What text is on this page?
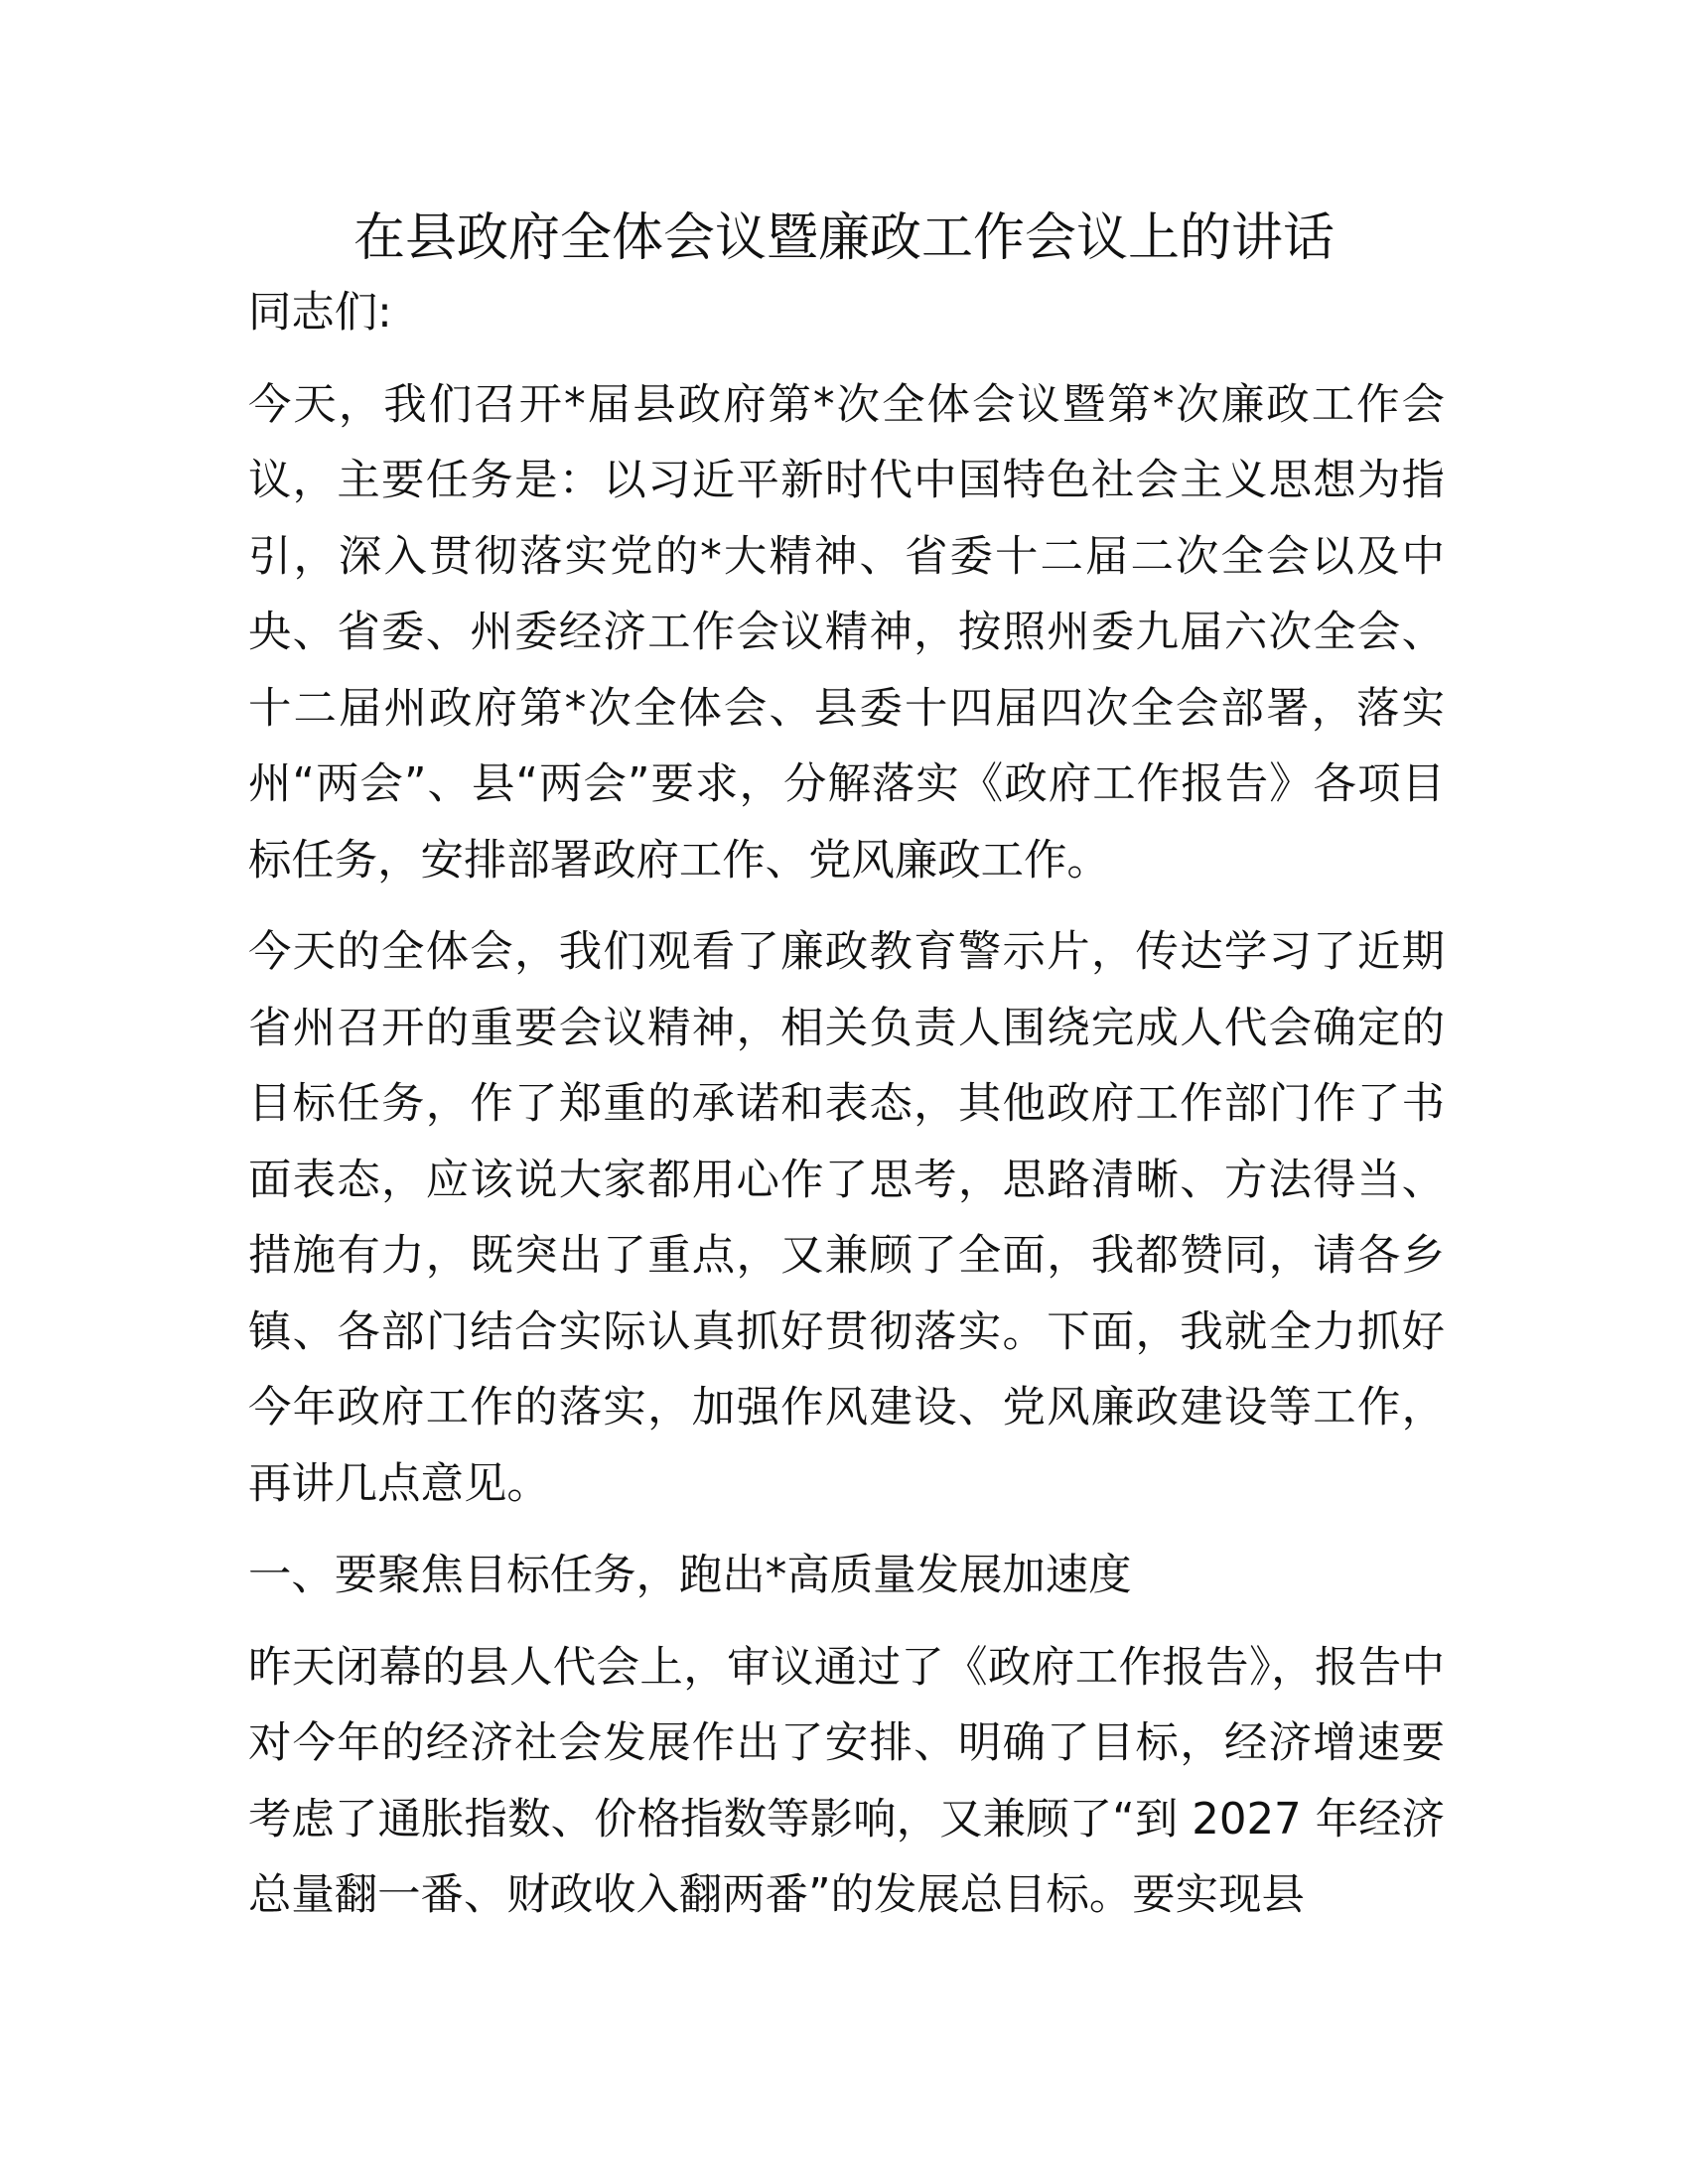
在县政府全体会议暨廉政工作会议上的讲话

同志们:

今天，我们召开*届县政府第*次全体会议暨第*次廉政工作会议，主要任务是：以习近平新时代中国特色社会主义思想为指引，深入贯彻落实党的*大精神、省委十二届二次全会以及中央、省委、州委经济工作会议精神，按照州委九届六次全会、十二届州政府第*次全体会、县委十四届四次全会部署，落实州“两会”、县“两会”要求，分解落实《政府工作报告》各项目标任务，安排部署政府工作、党风廉政工作。

今天的全体会，我们观看了廉政教育警示片，传达学习了近期省州召开的重要会议精神，相关负责人围绕完成人代会确定的目标任务，作了郑重的承诺和表态，其他政府工作部门作了书面表态，应该说大家都用心作了思考，思路清晰、方法得当、措施有力，既突出了重点，又兼顾了全面，我都赞同，请各乡镇、各部门结合实际认真抓好贯彻落实。下面，我就全力抓好今年政府工作的落实，加强作风建设、党风廉政建设等工作，再讲几点意见。

一、要聚焦目标任务，跑出*高质量发展加速度

昨天闭幕的县人代会上，审议通过了《政府工作报告》，报告中对今年的经济社会发展作出了安排、明确了目标，经济增速要考虑了通胀指数、价格指数等影响，又兼顾了“到 2027 年经济总量翻一番、财政收入翻两番”的发展总目标。要实现县
